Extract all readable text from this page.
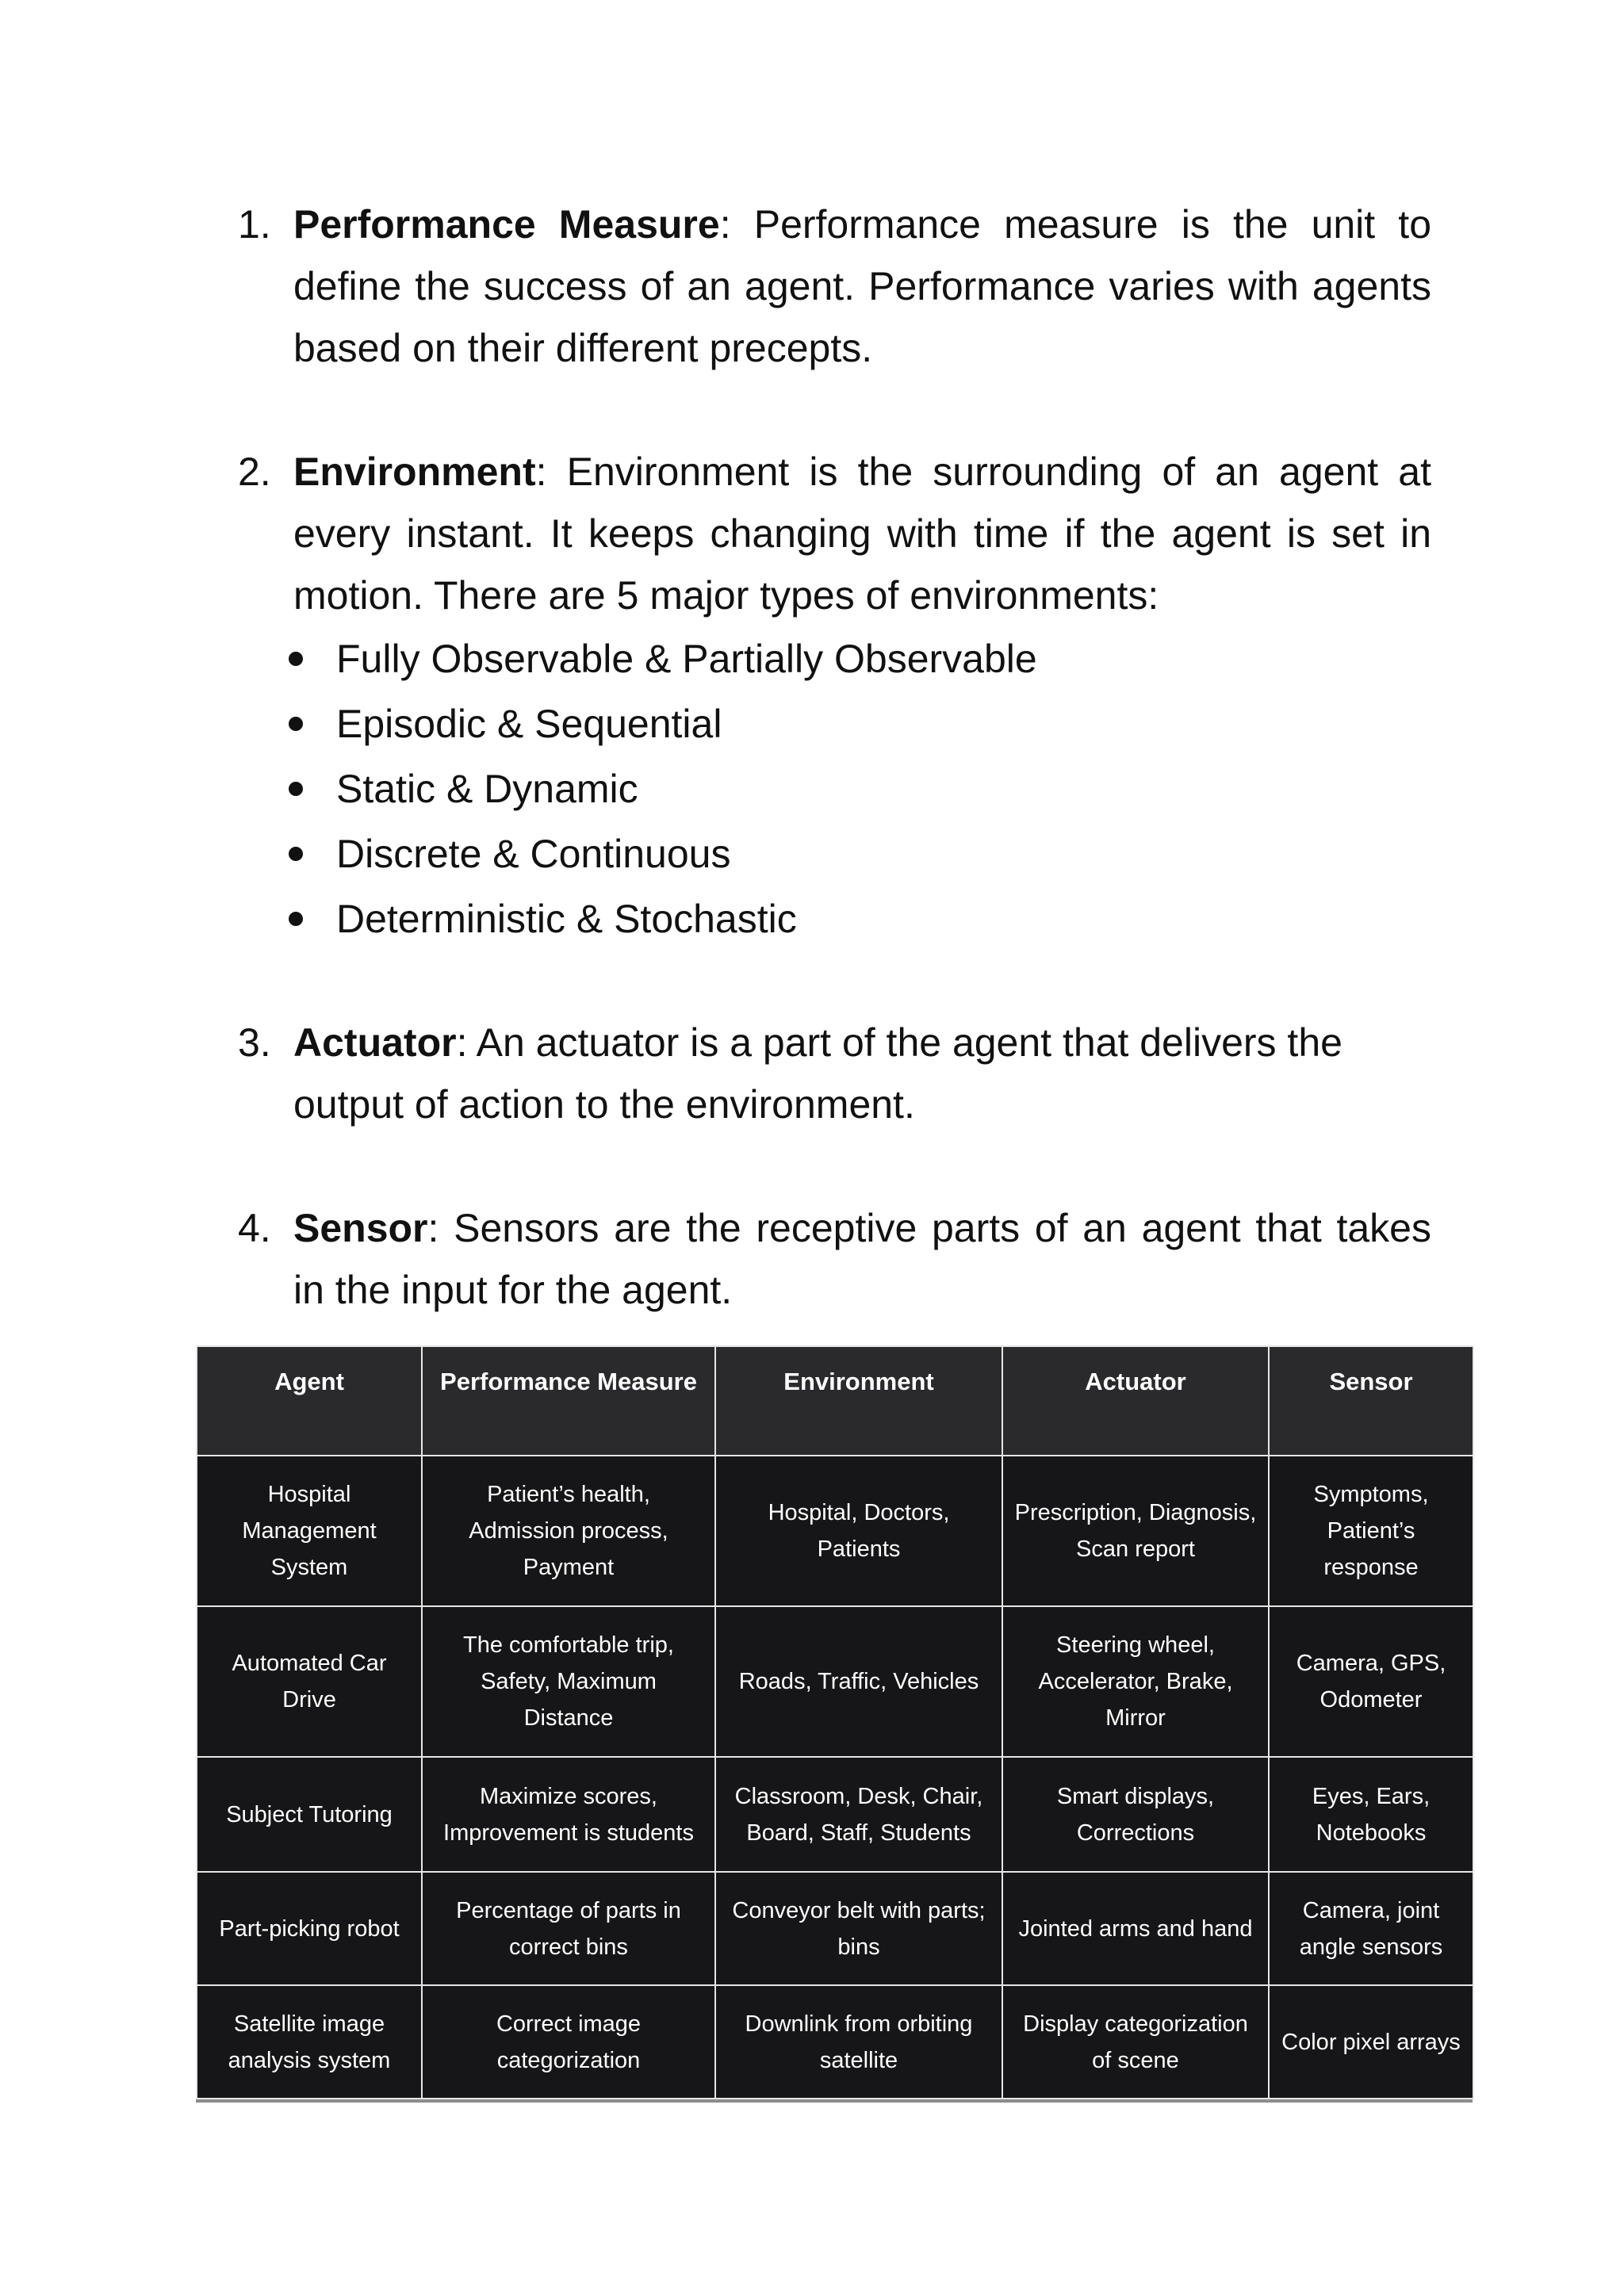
1. Performance Measure: Performance measure is the unit to define the success of an agent. Performance varies with agents based on their different precepts.
2. Environment: Environment is the surrounding of an agent at every instant. It keeps changing with time if the agent is set in motion. There are 5 major types of environments:
Fully Observable & Partially Observable
Episodic & Sequential
Static & Dynamic
Discrete & Continuous
Deterministic & Stochastic
3. Actuator: An actuator is a part of the agent that delivers the output of action to the environment.
4. Sensor: Sensors are the receptive parts of an agent that takes in the input for the agent.
Agent	Performance Measure	Environment	Actuator	Sensor
Hospital Management System	Patient’s health, Admission process, Payment	Hospital, Doctors, Patients	Prescription, Diagnosis, Scan report	Symptoms, Patient’s response
Automated Car Drive	The comfortable trip, Safety, Maximum Distance	Roads, Traffic, Vehicles	Steering wheel, Accelerator, Brake, Mirror	Camera, GPS, Odometer
Subject Tutoring	Maximize scores, Improvement is students	Classroom, Desk, Chair, Board, Staff, Students	Smart displays, Corrections	Eyes, Ears, Notebooks
Part-picking robot	Percentage of parts in correct bins	Conveyor belt with parts; bins	Jointed arms and hand	Camera, joint angle sensors
Satellite image analysis system	Correct image categorization	Downlink from orbiting satellite	Display categorization of scene	Color pixel arrays
